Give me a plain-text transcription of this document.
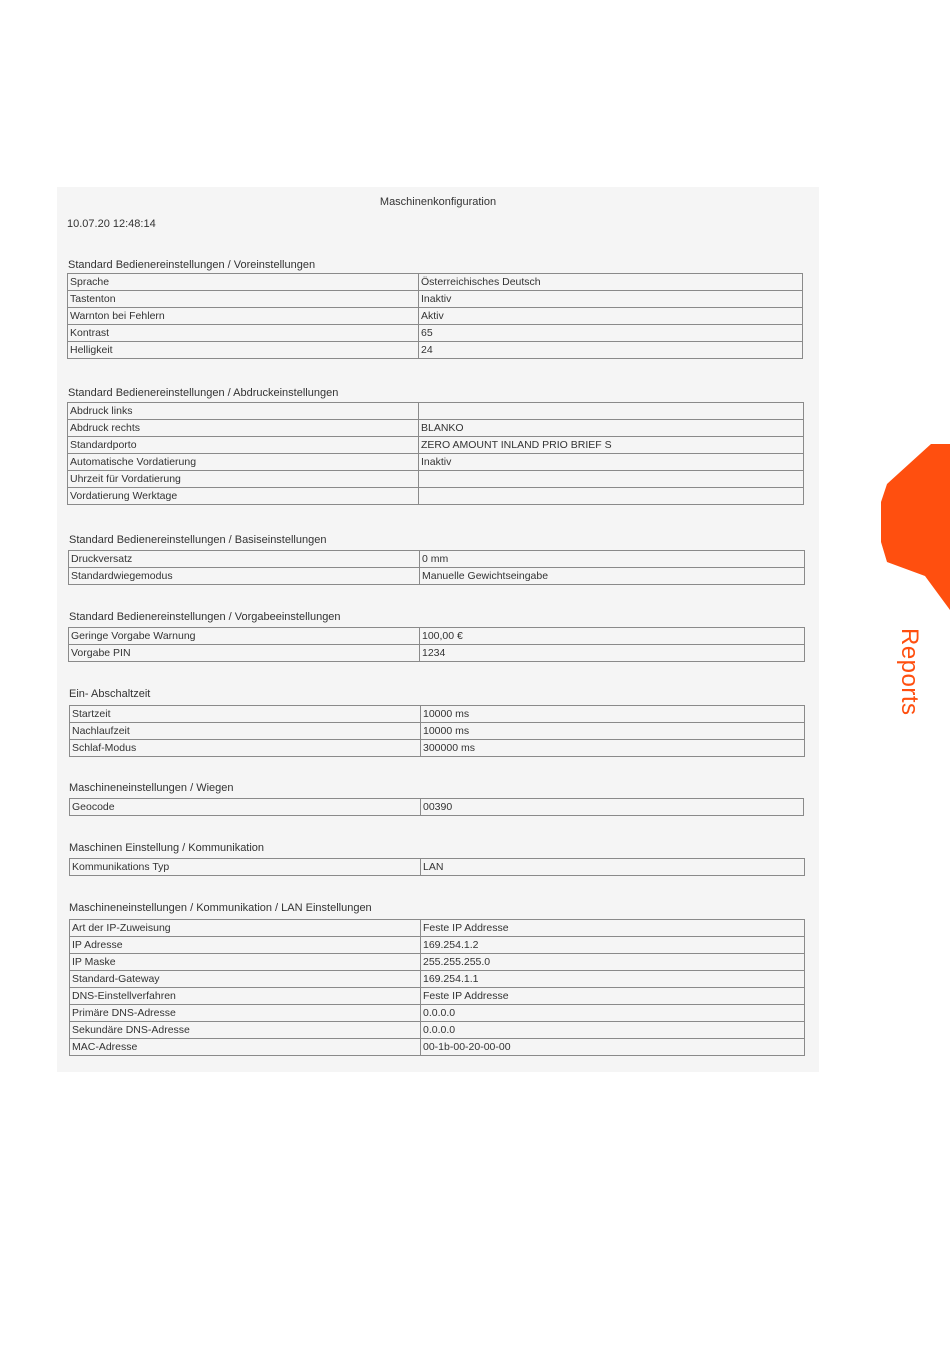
Maschinenkonfiguration
10.07.20 12:48:14
Standard Bedienereinstellungen / Voreinstellungen
Sprache	Österreichisches Deutsch
Tastenton	Inaktiv
Warnton bei Fehlern	Aktiv
Kontrast	65
Helligkeit	24
Standard Bedienereinstellungen / Abdruckeinstellungen
Abdruck links	
Abdruck rechts	BLANKO
Standardporto	ZERO AMOUNT INLAND PRIO BRIEF S
Automatische Vordatierung	Inaktiv
Uhrzeit für Vordatierung	
Vordatierung Werktage	
Standard Bedienereinstellungen / Basiseinstellungen
Druckversatz	0 mm
Standardwiegemodus	Manuelle Gewichtseingabe
Standard Bedienereinstellungen / Vorgabeeinstellungen
Geringe Vorgabe Warnung	100,00 €
Vorgabe PIN	1234
Ein- Abschaltzeit
Startzeit	10000 ms
Nachlaufzeit	10000 ms
Schlaf-Modus	300000 ms
Maschineneinstellungen / Wiegen
Geocode	00390
Maschinen Einstellung / Kommunikation
Kommunikations Typ	LAN
Maschineneinstellungen / Kommunikation / LAN Einstellungen
Art der IP-Zuweisung	Feste IP Addresse
IP Adresse	169.254.1.2
IP Maske	255.255.255.0
Standard-Gateway	169.254.1.1
DNS-Einstellverfahren	Feste IP Addresse
Primäre DNS-Adresse	0.0.0.0
Sekundäre DNS-Adresse	0.0.0.0
MAC-Adresse	00-1b-00-20-00-00
Reports
